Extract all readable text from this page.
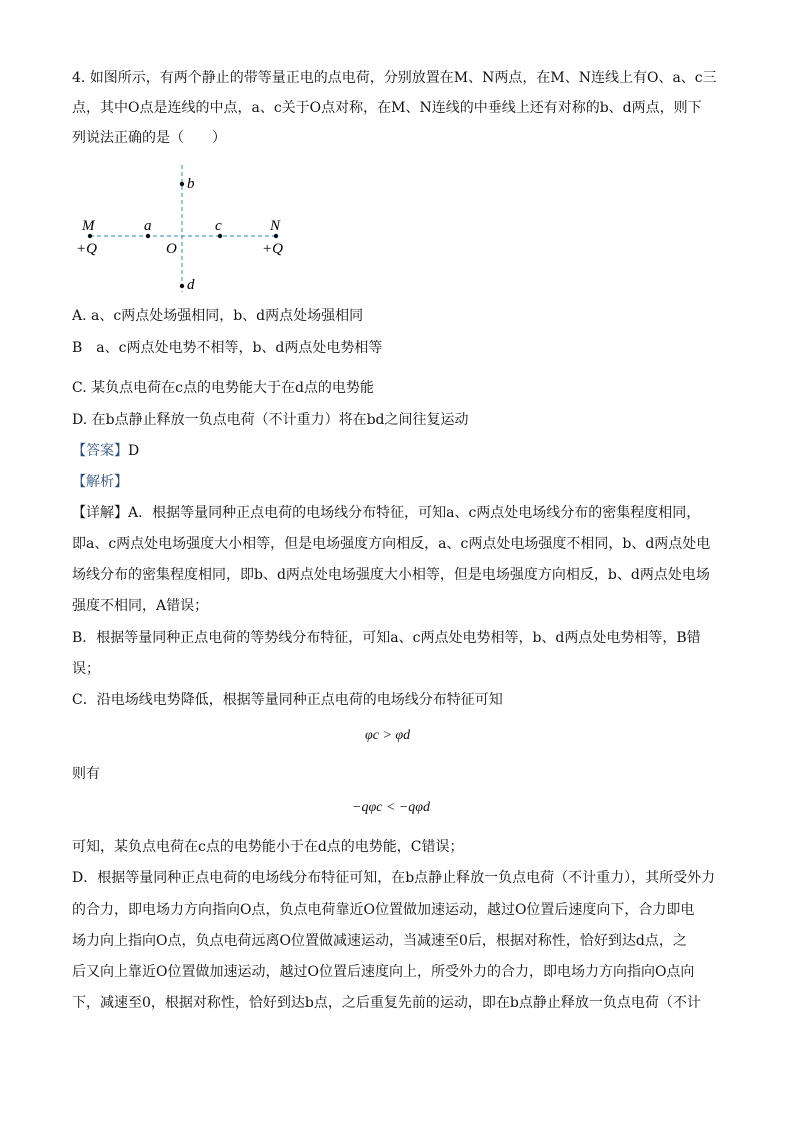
4. 如图所示，有两个静止的带等量正电的点电荷，分别放置在M、N两点，在M、N连线上有O、a、c三
点，其中O点是连线的中点，a、c关于O点对称，在M、N连线的中垂线上还有对称的b、d两点，则下
列说法正确的是（　　）
b
a	c
M	N
O
+Q	+Q
d
A. a、c两点处场强相同，b、d两点处场强相同
B　a、c两点处电势不相等，b、d两点处电势相等
C. 某负点电荷在c点的电势能大于在d点的电势能
D. 在b点静止释放一负点电荷（不计重力）将在bd之间往复运动
【答案】D
【解析】
【详解】A．根据等量同种正点电荷的电场线分布特征，可知a、c两点处电场线分布的密集程度相同，
即a、c两点处电场强度大小相等，但是电场强度方向相反，a、c两点处电场强度不相同，b、d两点处电
场线分布的密集程度相同，即b、d两点处电场强度大小相等，但是电场强度方向相反，b、d两点处电场
强度不相同，A错误；
B．根据等量同种正点电荷的等势线分布特征，可知a、c两点处电势相等，b、d两点处电势相等，B错
误；
C．沿电场线电势降低，根据等量同种正点电荷的电场线分布特征可知
φc > φd
则有
−qφc < −qφd
可知，某负点电荷在c点的电势能小于在d点的电势能，C错误；
D．根据等量同种正点电荷的电场线分布特征可知，在b点静止释放一负点电荷（不计重力），其所受外力
的合力，即电场力方向指向O点，负点电荷靠近O位置做加速运动，越过O位置后速度向下，合力即电
场力向上指向O点，负点电荷远离O位置做减速运动，当减速至0后，根据对称性，恰好到达d点，之
后又向上靠近O位置做加速运动，越过O位置后速度向上，所受外力的合力，即电场力方向指向O点向
下，减速至0，根据对称性，恰好到达b点，之后重复先前的运动，即在b点静止释放一负点电荷（不计
